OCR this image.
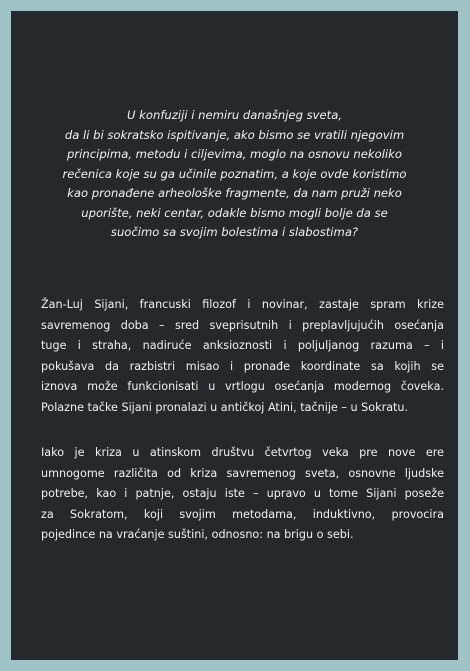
U konfuziji i nemiru današnjeg sveta,
da li bi sokratsko ispitivanje, ako bismo se vratili njegovim
principima, metodu i ciljevima, moglo na osnovu nekoliko
rečenica koje su ga učinile poznatim, a koje ovde koristimo
kao pronađene arheološke fragmente, da nam pruži neko
uporište, neki centar, odakle bismo mogli bolje da se
suočimo sa svojim bolestima i slabostima?

Žan-Luj Sijani, francuski filozof i novinar, zastaje spram krize
savremenog doba – sred sveprisutnih i preplavljujućih osećanja
tuge i straha, nadiruće anksioznosti i poljuljanog razuma – i
pokušava da razbistri misao i pronađe koordinate sa kojih se
iznova može funkcionisati u vrtlogu osećanja modernog čoveka.
Polazne tačke Sijani pronalazi u antičkoj Atini, tačnije – u Sokratu.

Iako je kriza u atinskom društvu četvrtog veka pre nove ere
umnogome različita od kriza savremenog sveta, osnovne ljudske
potrebe, kao i patnje, ostaju iste – upravo u tome Sijani poseže
za Sokratom, koji svojim metodama, induktivno, provocira
pojedince na vraćanje suštini, odnosno: na brigu o sebi.
